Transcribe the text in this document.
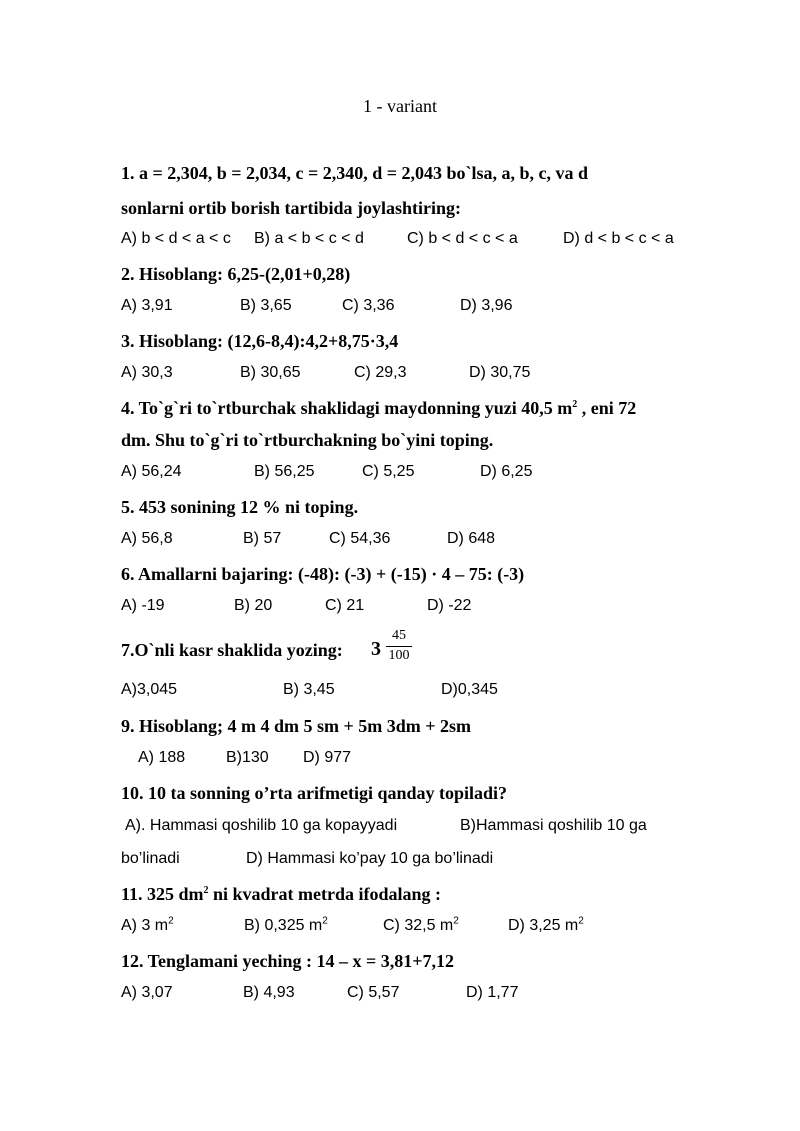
1 - variant
1. a = 2,304, b = 2,034, c = 2,340, d = 2,043 bo`lsa, a, b, c, va d
sonlarni ortib borish tartibida joylashtiring:
A) b < d < a < c B) a < b < c < d	C) b < d < c < a	D) d < b < c < a
2. Hisoblang: 6,25-(2,01+0,28)
A) 3,91	B) 3,65	C) 3,36	D) 3,96
3. Hisoblang: (12,6-8,4):4,2+8,75·3,4
A) 30,3	B) 30,65	C) 29,3	D) 30,75
4. To`g`ri to`rtburchak shaklidagi maydonning yuzi 40,5 $m^2$ , eni 72
dm. Shu to`g`ri to`rtburchakning bo`yini toping.
A) 56,24	B) 56,25	C) 5,25	D) 6,25
5. 453 sonining 12 % ni toping.
A) 56,8	B) 57	C) 54,36	D) 648
6. Amallarni bajaring: (-48): (-3) + (-15) · 4 – 75: (-3)
A) -19	B) 20	C) 21	D) -22
7.O`nli kasr shaklida yozing: 3
45
100
A)3,045	B) 3,45	D)0,345
9. Hisoblang; 4 m 4 dm 5 sm + 5m 3dm + 2sm
A) 188	B)130 D) 977
10. 10 ta sonning o’rta arifmetigi qanday topiladi?
A). Hammasi qoshilib 10 ga kopayyadi	B)Hammasi qoshilib 10 ga
bo’linadi	D) Hammasi ko’pay 10 ga bo’linadi
11. 325 $dm^2$ ni kvadrat metrda ifodalang :
A) 3 $m^2$	B) 0,325 $m^2$	C) 32,5 $m^2$	D) 3,25 $m^2$
12. Tenglamani yeching : 14 – x = 3,81+7,12
A) 3,07	B) 4,93	C) 5,57	D) 1,77
